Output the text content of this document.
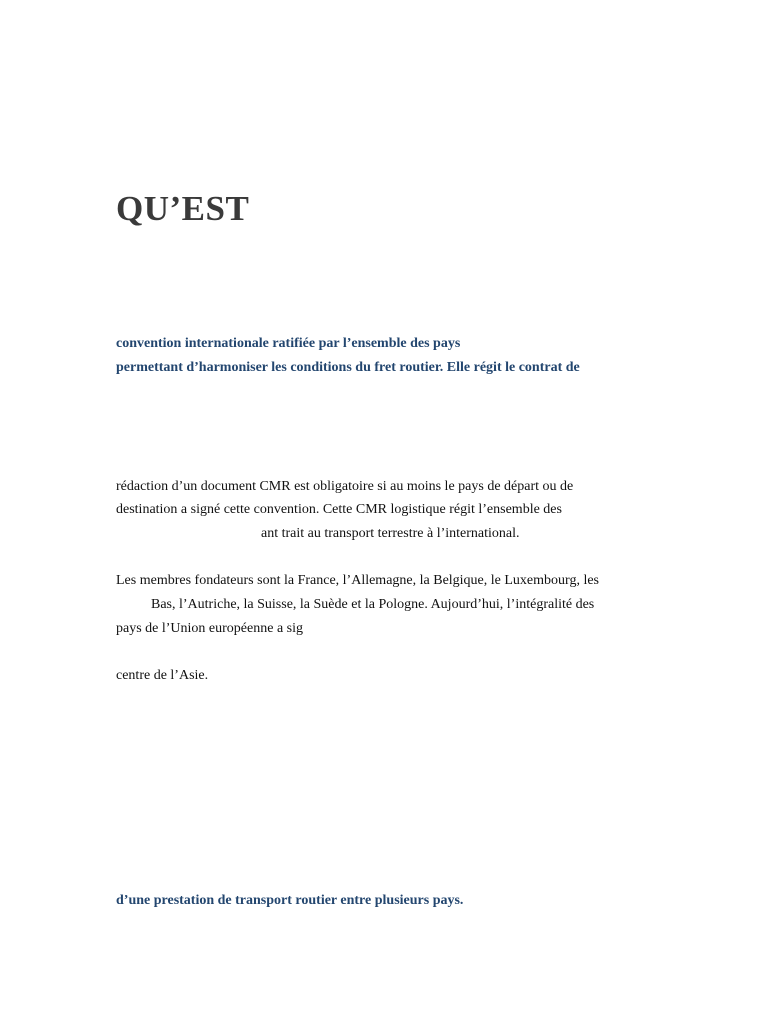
QU’EST

convention internationale ratifiée par l’ensemble des pays

permettant d’harmoniser les conditions du fret routier. Elle régit le contrat de

rédaction d’un document CMR est obligatoire si au moins le pays de départ ou de

destination a signé cette convention. Cette CMR logistique régit l’ensemble des

ant trait au transport terrestre à l’international.

Les membres fondateurs sont la France, l’Allemagne, la Belgique, le Luxembourg, les

Bas, l’Autriche, la Suisse, la Suède et la Pologne. Aujourd’hui, l’intégralité des

pays de l’Union européenne a sig

centre de l’Asie.

d’une prestation de transport routier entre plusieurs pays.
